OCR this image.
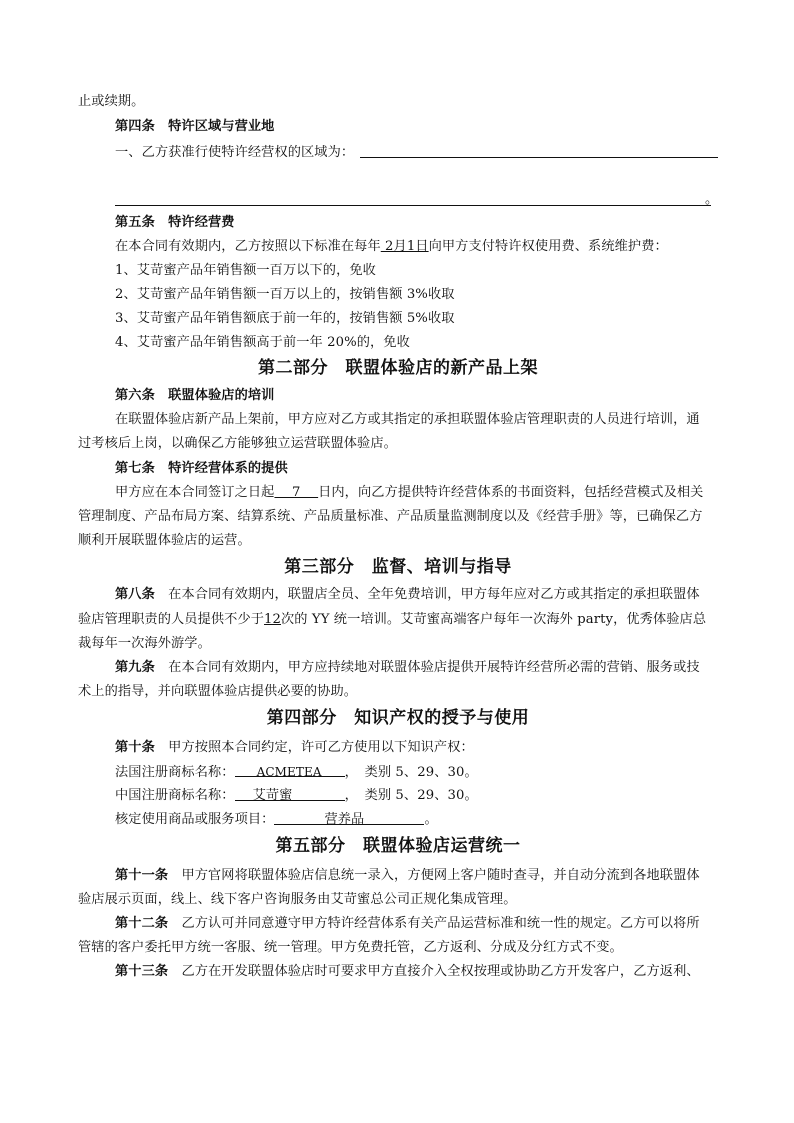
止或续期。
第四条　特许区域与营业地
一、乙方获准行使特许经营权的区域为：
。
第五条　特许经营费
在本合同有效期内，乙方按照以下标准在每年 2月1日向甲方支付特许权使用费、系统维护费：
1、艾苛蜜产品年销售额一百万以下的，免收
2、艾苛蜜产品年销售额一百万以上的，按销售额 3%收取
3、艾苛蜜产品年销售额底于前一年的，按销售额 5%收取
4、艾苛蜜产品年销售额高于前一年 20%的，免收
第二部分　联盟体验店的新产品上架
第六条　联盟体验店的培训
在联盟体验店新产品上架前，甲方应对乙方或其指定的承担联盟体验店管理职责的人员进行培训，通
过考核后上岗，以确保乙方能够独立运营联盟体验店。
第七条　特许经营体系的提供
甲方应在本合同签订之日起　 7 　日内，向乙方提供特许经营体系的书面资料，包括经营模式及相关
管理制度、产品布局方案、结算系统、产品质量标准、产品质量监测制度以及《经营手册》等，已确保乙方
顺利开展联盟体验店的运营。
第三部分　监督、培训与指导
第八条　在本合同有效期内，联盟店全员、全年免费培训，甲方每年应对乙方或其指定的承担联盟体
验店管理职责的人员提供不少于12次的 YY 统一培训。艾苛蜜高端客户每年一次海外 party，优秀体验店总
裁每年一次海外游学。
第九条　在本合同有效期内，甲方应持续地对联盟体验店提供开展特许经营所必需的营销、服务或技
术上的指导，并向联盟体验店提供必要的协助。
第四部分　知识产权的授予与使用
第十条　甲方按照本合同约定，许可乙方使用以下知识产权：
法国注册商标名称： ACMETEA ，　类别 5、29、30。
中国注册商标名称： 艾苛蜜	，　类别 5、29、30。
核定使用商品或服务项目：	营养品	。
第五部分　联盟体验店运营统一
第十一条　甲方官网将联盟体验店信息统一录入，方便网上客户随时查寻，并自动分流到各地联盟体
验店展示页面，线上、线下客户咨询服务由艾苛蜜总公司正规化集成管理。
第十二条　乙方认可并同意遵守甲方特许经营体系有关产品运营标准和统一性的规定。乙方可以将所
管辖的客户委托甲方统一客服、统一管理。甲方免费托管，乙方返利、分成及分红方式不变。
第十三条　乙方在开发联盟体验店时可要求甲方直接介入全权按理或协助乙方开发客户，乙方返利、
